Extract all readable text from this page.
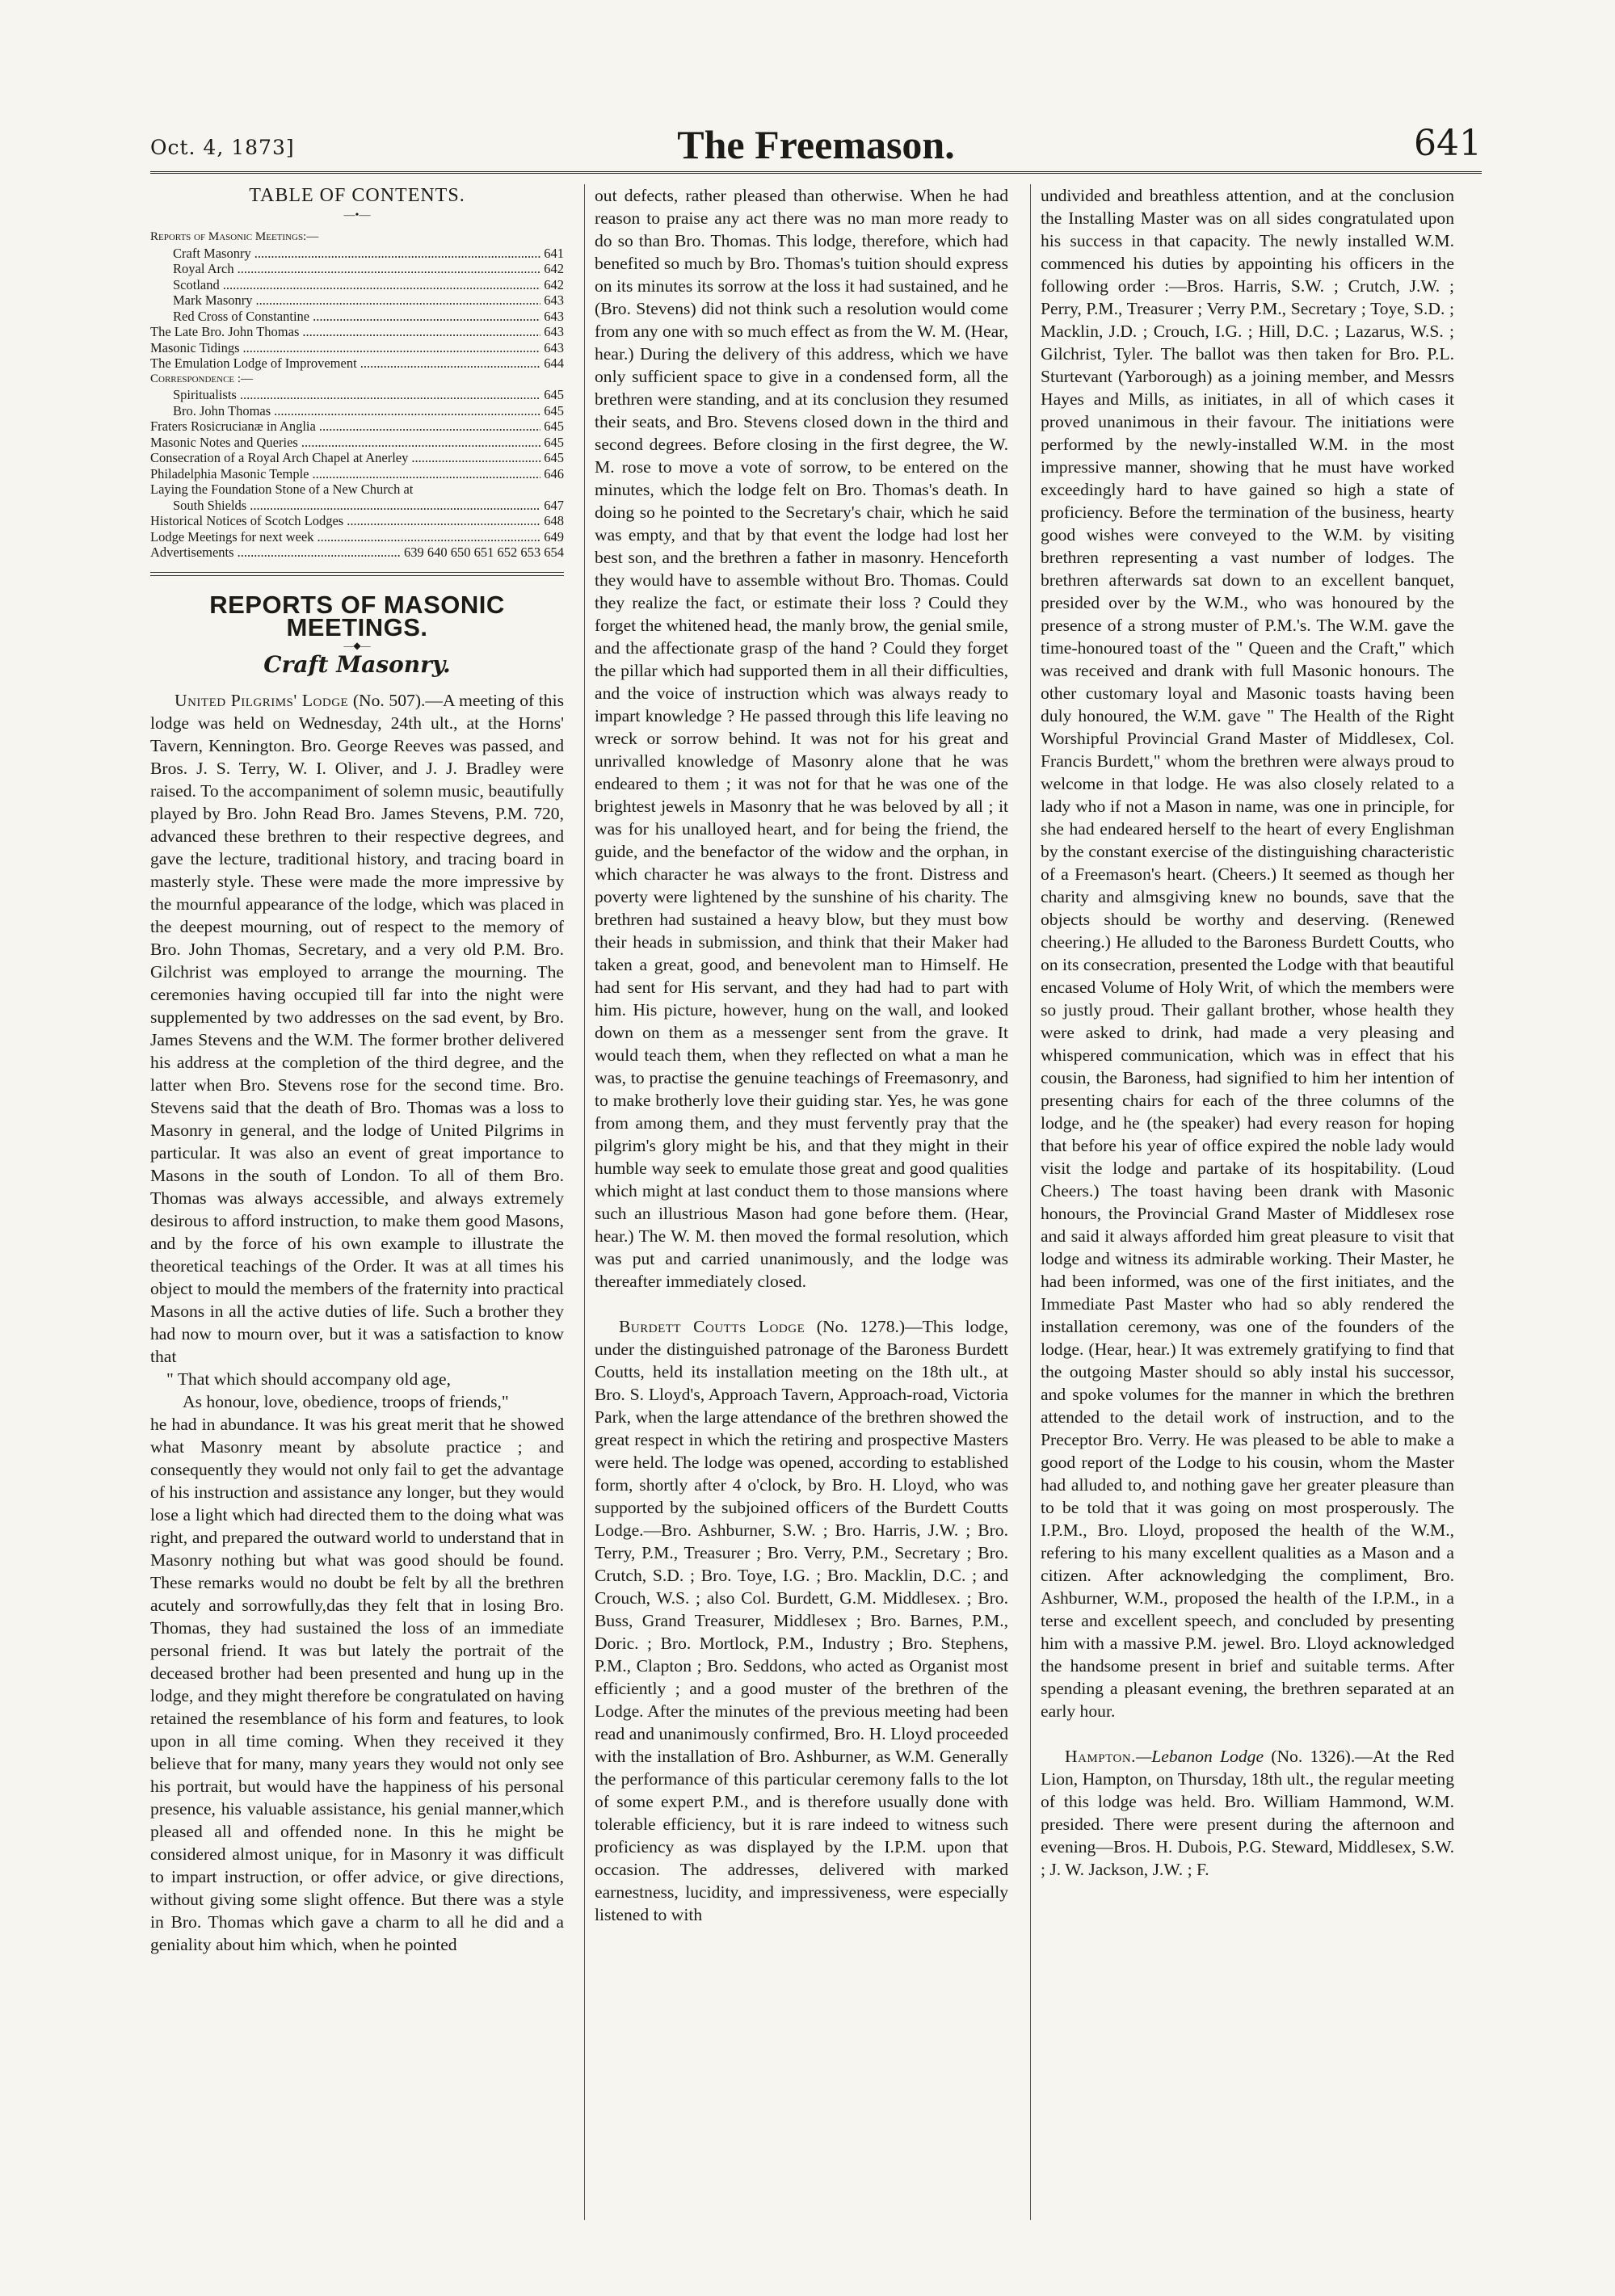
Oct. 4, 1873]	The Freemason.	641
TABLE OF CONTENTS.
—•—
Reports of Masonic Meetings:—
Craft Masonry .....	641
Royal Arch .....	642
Scotland .....	642
Mark Masonry .....	643
Red Cross of Constantine .....	643
The Late Bro. John Thomas .....	643
Masonic Tidings .....	643
The Emulation Lodge of Improvement .....	644
Correspondence :—
Spiritualists .....	645
Bro. John Thomas .....	645
Fraters Rosicrucianæ in Anglia .....	645
Masonic Notes and Queries .....	645
Consecration of a Royal Arch Chapel at Anerley .....	645
Philadelphia Masonic Temple .....	646
Laying the Foundation Stone of a New Church at
South Shields .....	647
Historical Notices of Scotch Lodges .....	648
Lodge Meetings for next week .....	649
Advertisements .....	639 640 650 651 652 653 654
REPORTS OF MASONIC MEETINGS.
—◆—
Craft Masonry.

United Pilgrims' Lodge (No. 507).—A meeting of this lodge was held on Wednesday, 24th ult., at the Horns' Tavern, Kennington. Bro. George Reeves was passed, and Bros. J. S. Terry, W. I. Oliver, and J. J. Bradley were raised. To the accompaniment of solemn music, beautifully played by Bro. John Read Bro. James Stevens, P.M. 720, advanced these brethren to their respective degrees, and gave the lecture, traditional history, and tracing board in masterly style. These were made the more impressive by the mournful appearance of the lodge, which was placed in the deepest mourning, out of respect to the memory of Bro. John Thomas, Secretary, and a very old P.M. Bro. Gilchrist was employed to arrange the mourning. The ceremonies having occupied till far into the night were supplemented by two addresses on the sad event, by Bro. James Stevens and the W.M. The former brother delivered his address at the completion of the third degree, and the latter when Bro. Stevens rose for the second time. Bro. Stevens said that the death of Bro. Thomas was a loss to Masonry in general, and the lodge of United Pilgrims in particular. It was also an event of great importance to Masons in the south of London. To all of them Bro. Thomas was always accessible, and always extremely desirous to afford instruction, to make them good Masons, and by the force of his own example to illustrate the theoretical teachings of the Order. It was at all times his object to mould the members of the fraternity into practical Masons in all the active duties of life. Such a brother they had now to mourn over, but it was a satisfaction to know that

" That which should accompany old age,

As honour, love, obedience, troops of friends,"

he had in abundance. It was his great merit that he showed what Masonry meant by absolute practice ; and consequently they would not only fail to get the advantage of his instruction and assistance any longer, but they would lose a light which had directed them to the doing what was right, and prepared the outward world to understand that in Masonry nothing but what was good should be found. These remarks would no doubt be felt by all the brethren acutely and sorrowfully,das they felt that in losing Bro. Thomas, they had sustained the loss of an immediate personal friend. It was but lately the portrait of the deceased brother had been presented and hung up in the lodge, and they might therefore be congratulated on having retained the resemblance of his form and features, to look upon in all time coming. When they received it they believe that for many, many years they would not only see his portrait, but would have the happiness of his personal presence, his valuable assistance, his genial manner,which pleased all and offended none. In this he might be considered almost unique, for in Masonry it was difficult to impart instruction, or offer advice, or give directions, without giving some slight offence. But there was a style in Bro. Thomas which gave a charm to all he did and a geniality about him which, when he pointed

out defects, rather pleased than otherwise. When he had reason to praise any act there was no man more ready to do so than Bro. Thomas. This lodge, therefore, which had benefited so much by Bro. Thomas's tuition should express on its minutes its sorrow at the loss it had sustained, and he (Bro. Stevens) did not think such a resolution would come from any one with so much effect as from the W. M. (Hear, hear.) During the delivery of this address, which we have only sufficient space to give in a condensed form, all the brethren were standing, and at its conclusion they resumed their seats, and Bro. Stevens closed down in the third and second degrees. Before closing in the first degree, the W. M. rose to move a vote of sorrow, to be entered on the minutes, which the lodge felt on Bro. Thomas's death. In doing so he pointed to the Secretary's chair, which he said was empty, and that by that event the lodge had lost her best son, and the brethren a father in masonry. Henceforth they would have to assemble without Bro. Thomas. Could they realize the fact, or estimate their loss ? Could they forget the whitened head, the manly brow, the genial smile, and the affectionate grasp of the hand ? Could they forget the pillar which had supported them in all their difficulties, and the voice of instruction which was always ready to impart knowledge ? He passed through this life leaving no wreck or sorrow behind. It was not for his great and unrivalled knowledge of Masonry alone that he was endeared to them ; it was not for that he was one of the brightest jewels in Masonry that he was beloved by all ; it was for his unalloyed heart, and for being the friend, the guide, and the benefactor of the widow and the orphan, in which character he was always to the front. Distress and poverty were lightened by the sunshine of his charity. The brethren had sustained a heavy blow, but they must bow their heads in submission, and think that their Maker had taken a great, good, and benevolent man to Himself. He had sent for His servant, and they had had to part with him. His picture, however, hung on the wall, and looked down on them as a messenger sent from the grave. It would teach them, when they reflected on what a man he was, to practise the genuine teachings of Freemasonry, and to make brotherly love their guiding star. Yes, he was gone from among them, and they must fervently pray that the pilgrim's glory might be his, and that they might in their humble way seek to emulate those great and good qualities which might at last conduct them to those mansions where such an illustrious Mason had gone before them. (Hear, hear.) The W. M. then moved the formal resolution, which was put and carried unanimously, and the lodge was thereafter immediately closed.

Burdett Coutts Lodge (No. 1278.)—This lodge, under the distinguished patronage of the Baroness Burdett Coutts, held its installation meeting on the 18th ult., at Bro. S. Lloyd's, Approach Tavern, Approach-road, Victoria Park, when the large attendance of the brethren showed the great respect in which the retiring and prospective Masters were held. The lodge was opened, according to established form, shortly after 4 o'clock, by Bro. H. Lloyd, who was supported by the subjoined officers of the Burdett Coutts Lodge.—Bro. Ashburner, S.W. ; Bro. Harris, J.W. ; Bro. Terry, P.M., Treasurer ; Bro. Verry, P.M., Secretary ; Bro. Crutch, S.D. ; Bro. Toye, I.G. ; Bro. Macklin, D.C. ; and Crouch, W.S. ; also Col. Burdett, G.M. Middlesex. ; Bro. Buss, Grand Treasurer, Middlesex ; Bro. Barnes, P.M., Doric. ; Bro. Mortlock, P.M., Industry ; Bro. Stephens, P.M., Clapton ; Bro. Seddons, who acted as Organist most efficiently ; and a good muster of the brethren of the Lodge. After the minutes of the previous meeting had been read and unanimously confirmed, Bro. H. Lloyd proceeded with the installation of Bro. Ashburner, as W.M. Generally the performance of this particular ceremony falls to the lot of some expert P.M., and is therefore usually done with tolerable efficiency, but it is rare indeed to witness such proficiency as was displayed by the I.P.M. upon that occasion. The addresses, delivered with marked earnestness, lucidity, and impressiveness, were especially listened to with

undivided and breathless attention, and at the conclusion the Installing Master was on all sides congratulated upon his success in that capacity. The newly installed W.M. commenced his duties by appointing his officers in the following order :—Bros. Harris, S.W. ; Crutch, J.W. ; Perry, P.M., Treasurer ; Verry P.M., Secretary ; Toye, S.D. ; Macklin, J.D. ; Crouch, I.G. ; Hill, D.C. ; Lazarus, W.S. ; Gilchrist, Tyler. The ballot was then taken for Bro. P.L. Sturtevant (Yarborough) as a joining member, and Messrs Hayes and Mills, as initiates, in all of which cases it proved unanimous in their favour. The initiations were performed by the newly-installed W.M. in the most impressive manner, showing that he must have worked exceedingly hard to have gained so high a state of proficiency. Before the termination of the business, hearty good wishes were conveyed to the W.M. by visiting brethren representing a vast number of lodges. The brethren afterwards sat down to an excellent banquet, presided over by the W.M., who was honoured by the presence of a strong muster of P.M.'s. The W.M. gave the time-honoured toast of the " Queen and the Craft," which was received and drank with full Masonic honours. The other customary loyal and Masonic toasts having been duly honoured, the W.M. gave " The Health of the Right Worshipful Provincial Grand Master of Middlesex, Col. Francis Burdett," whom the brethren were always proud to welcome in that lodge. He was also closely related to a lady who if not a Mason in name, was one in principle, for she had endeared herself to the heart of every Englishman by the constant exercise of the distinguishing characteristic of a Freemason's heart. (Cheers.) It seemed as though her charity and almsgiving knew no bounds, save that the objects should be worthy and deserving. (Renewed cheering.) He alluded to the Baroness Burdett Coutts, who on its consecration, presented the Lodge with that beautiful encased Volume of Holy Writ, of which the members were so justly proud. Their gallant brother, whose health they were asked to drink, had made a very pleasing and whispered communication, which was in effect that his cousin, the Baroness, had signified to him her intention of presenting chairs for each of the three columns of the lodge, and he (the speaker) had every reason for hoping that before his year of office expired the noble lady would visit the lodge and partake of its hospitability. (Loud Cheers.) The toast having been drank with Masonic honours, the Provincial Grand Master of Middlesex rose and said it always afforded him great pleasure to visit that lodge and witness its admirable working. Their Master, he had been informed, was one of the first initiates, and the Immediate Past Master who had so ably rendered the installation ceremony, was one of the founders of the lodge. (Hear, hear.) It was extremely gratifying to find that the outgoing Master should so ably instal his successor, and spoke volumes for the manner in which the brethren attended to the detail work of instruction, and to the Preceptor Bro. Verry. He was pleased to be able to make a good report of the Lodge to his cousin, whom the Master had alluded to, and nothing gave her greater pleasure than to be told that it was going on most prosperously. The I.P.M., Bro. Lloyd, proposed the health of the W.M., refering to his many excellent qualities as a Mason and a citizen. After acknowledging the compliment, Bro. Ashburner, W.M., proposed the health of the I.P.M., in a terse and excellent speech, and concluded by presenting him with a massive P.M. jewel. Bro. Lloyd acknowledged the handsome present in brief and suitable terms. After spending a pleasant evening, the brethren separated at an early hour.

Hampton.—Lebanon Lodge (No. 1326).—At the Red Lion, Hampton, on Thursday, 18th ult., the regular meeting of this lodge was held. Bro. William Hammond, W.M. presided. There were present during the afternoon and evening—Bros. H. Dubois, P.G. Steward, Middlesex, S.W. ; J. W. Jackson, J.W. ; F.
